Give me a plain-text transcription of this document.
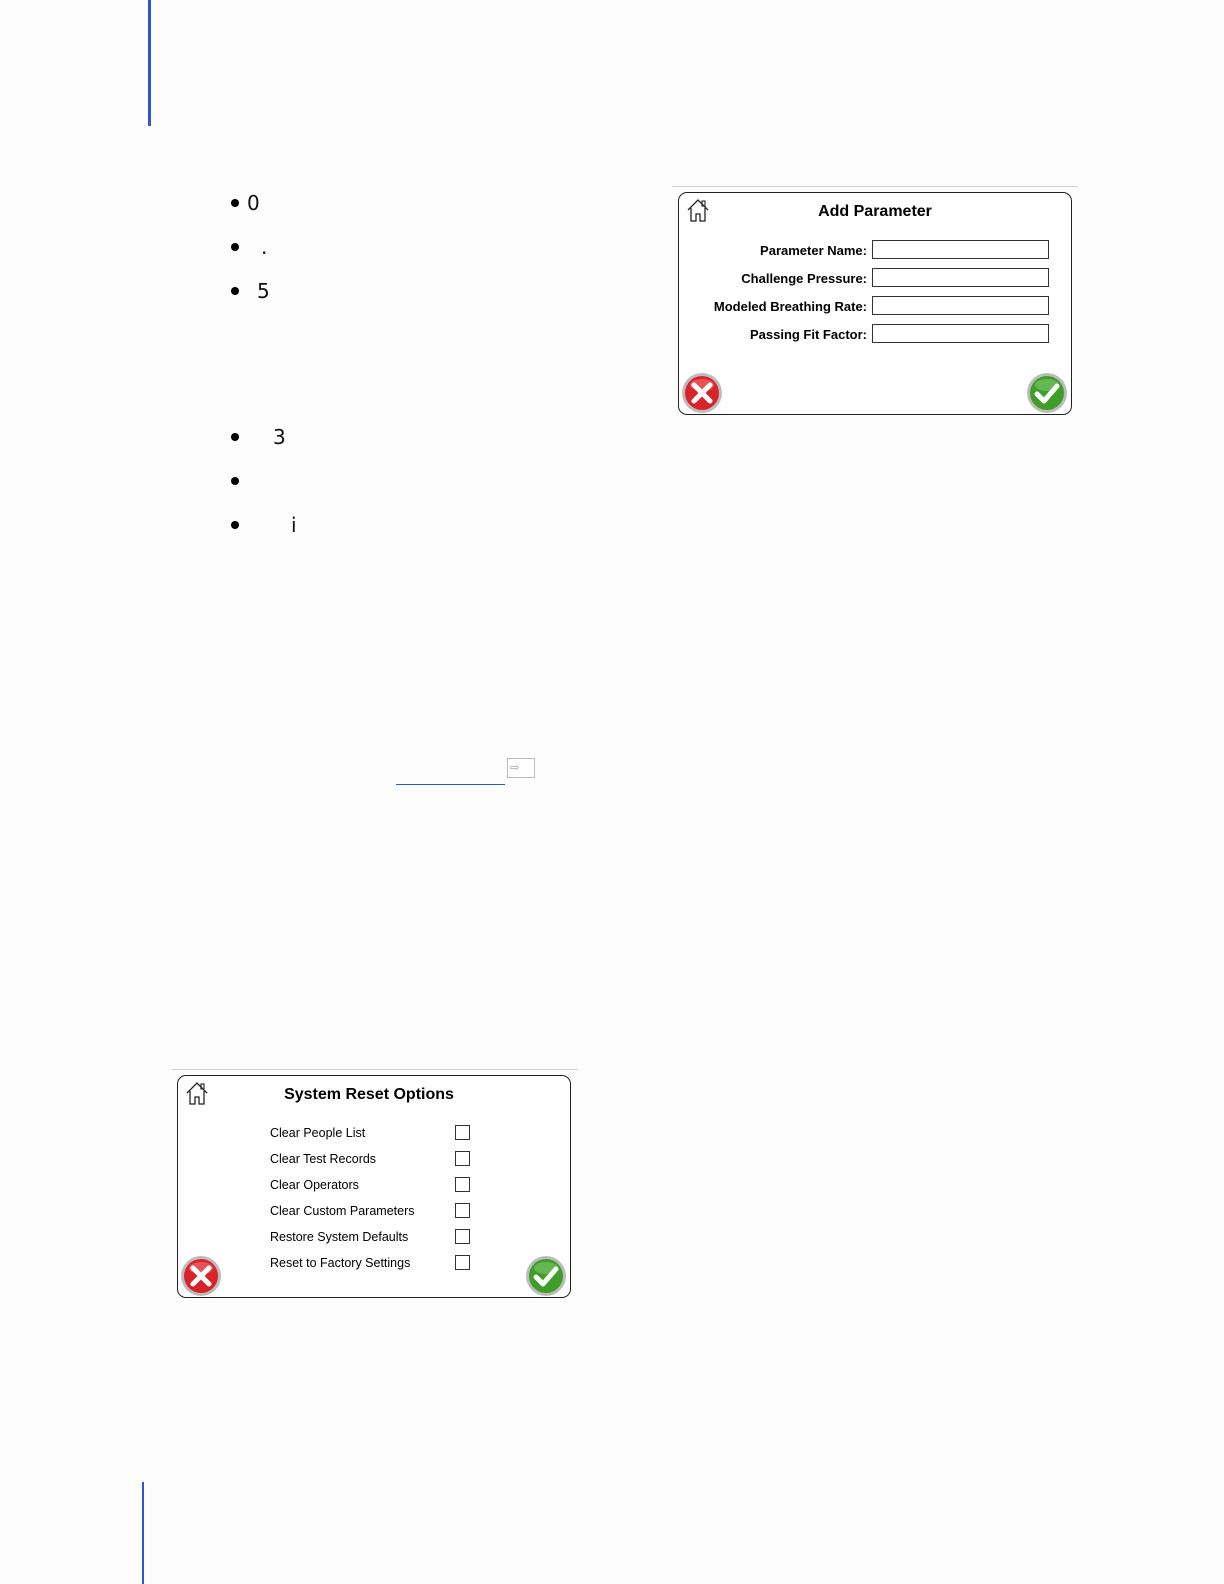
0
.
5
3
i
⇨
Add Parameter
Parameter Name:
Challenge Pressure:
Modeled Breathing Rate:
Passing Fit Factor:
System Reset Options
Clear People List
Clear Test Records
Clear Operators
Clear Custom Parameters
Restore System Defaults
Reset to Factory Settings
